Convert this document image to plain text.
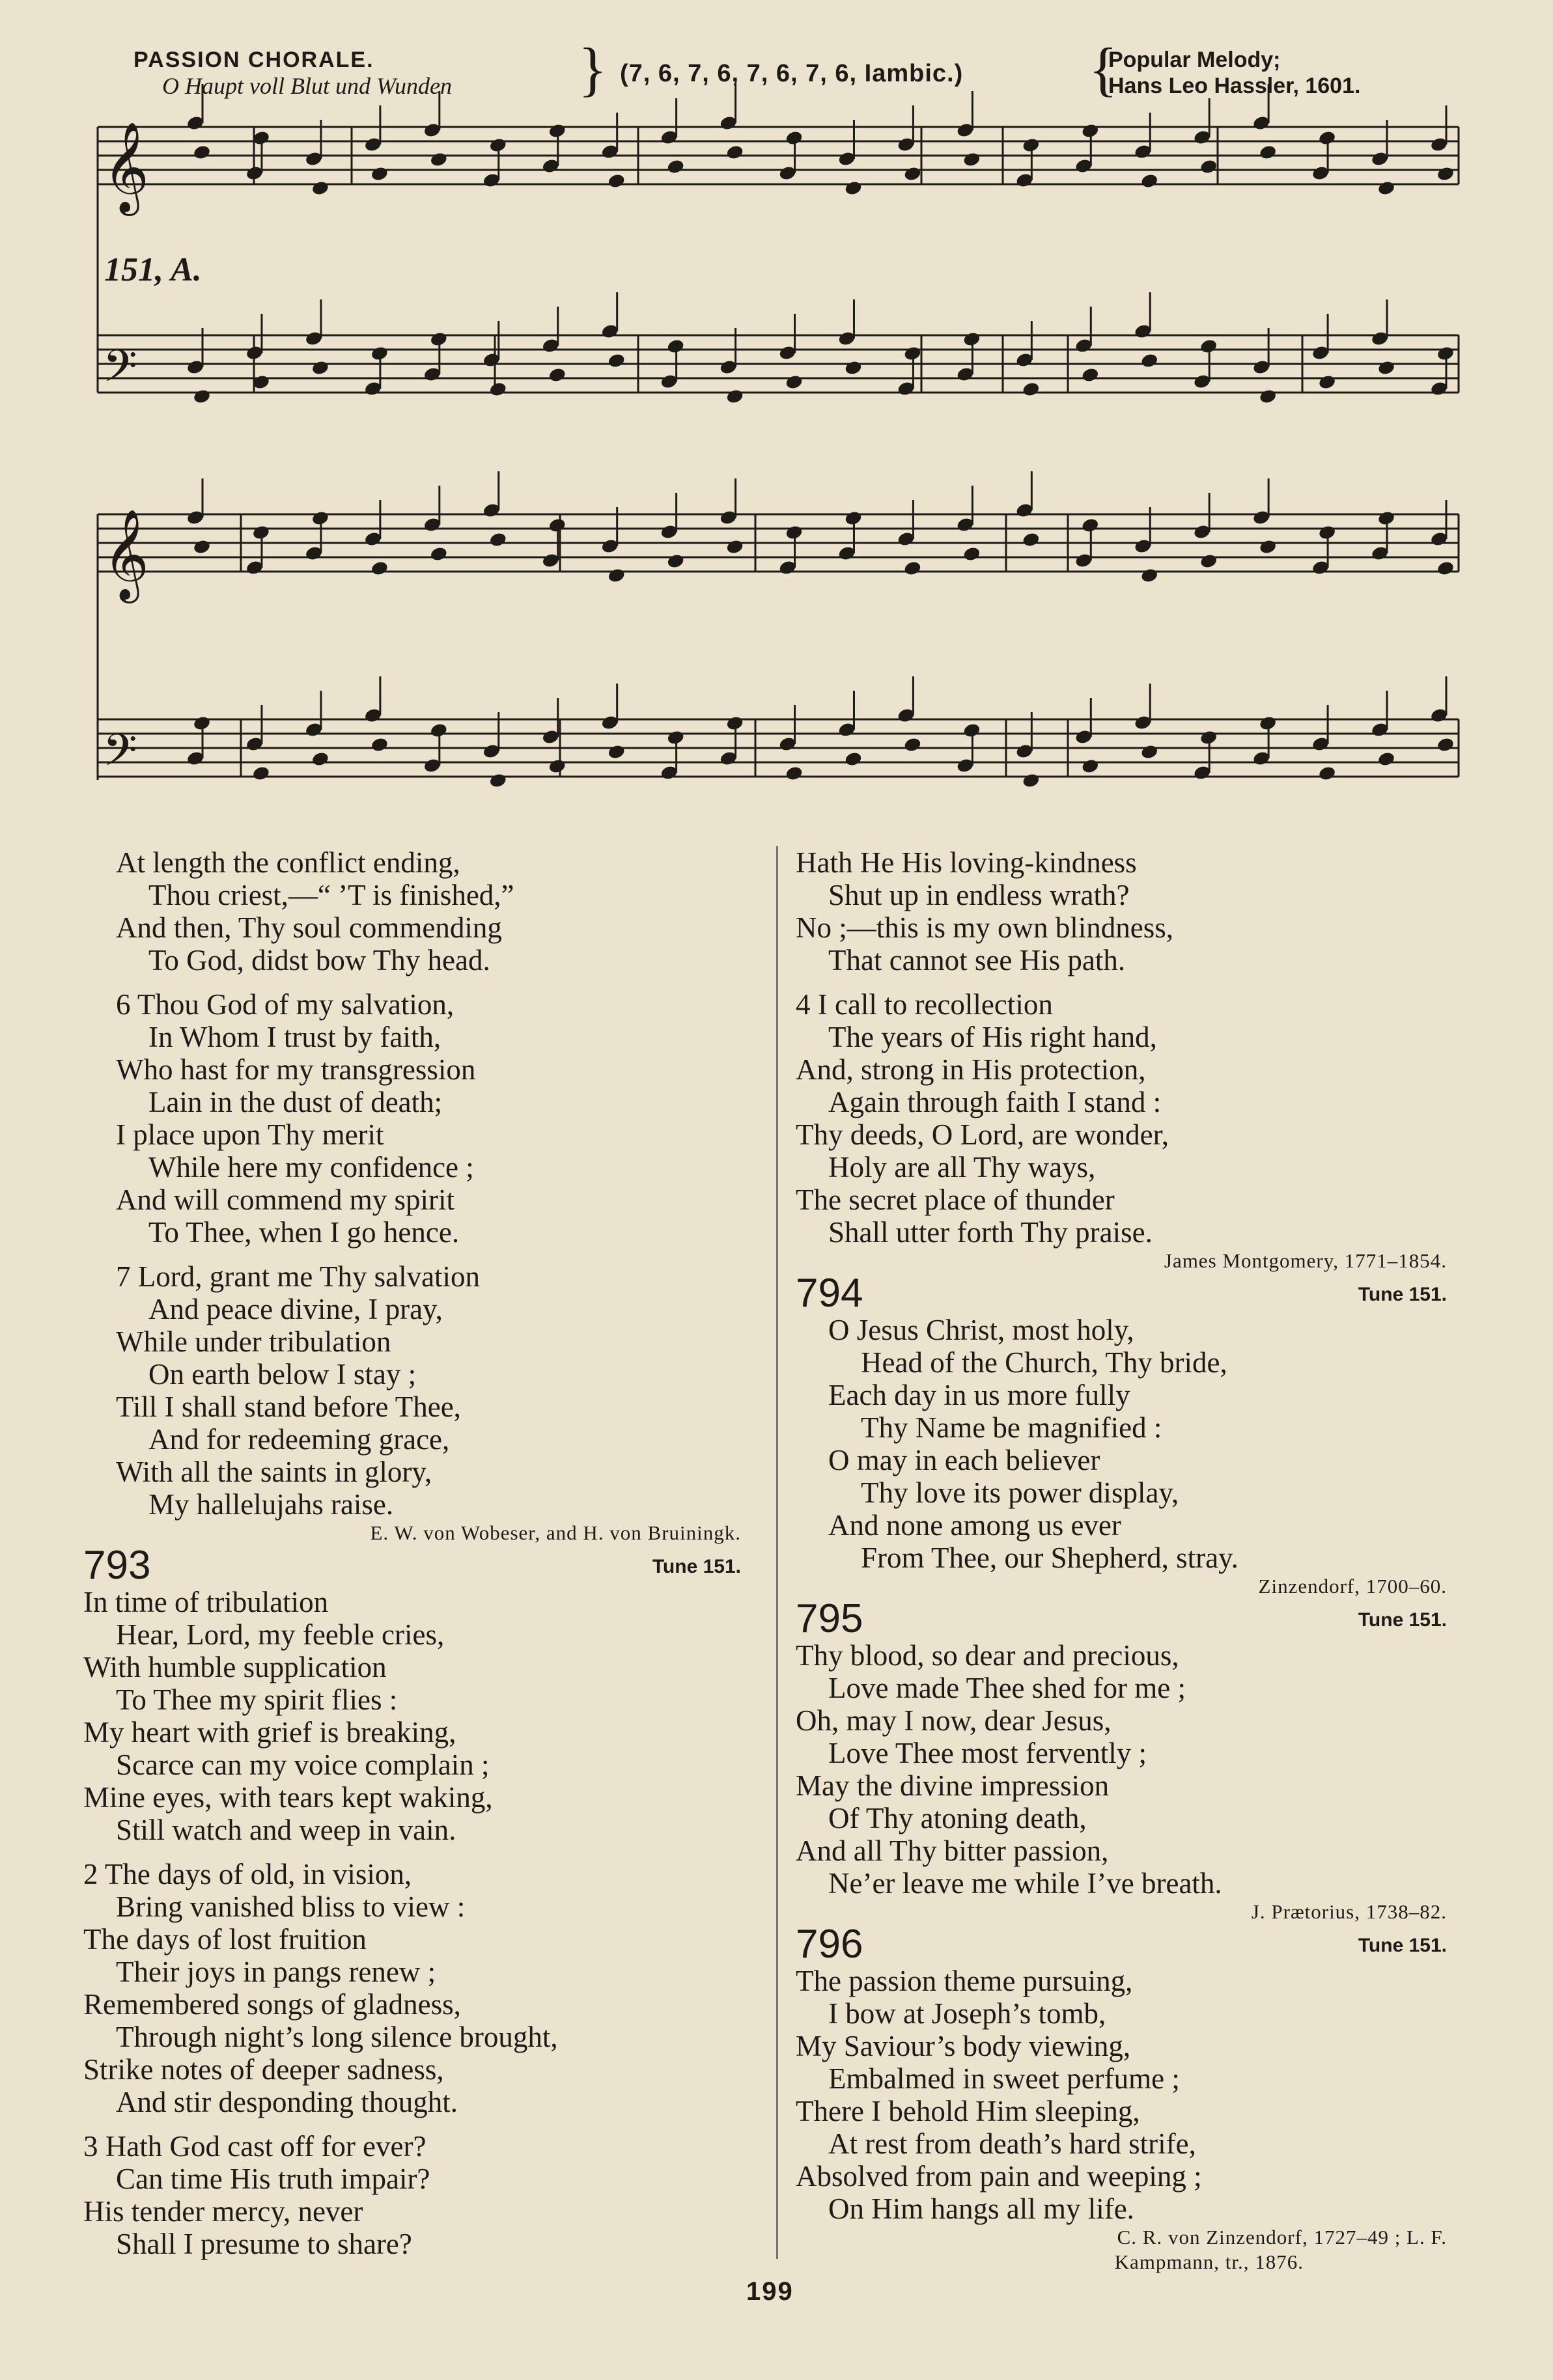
PASSION CHORALE.
O Haupt voll Blut und Wunden } (7, 6, 7, 6, 7, 6, 7, 6, Iambic.) {
Popular Melody;
Hans Leo Hassler, 1601.
151, A.
𝄞
𝄢
𝄞
𝄢
At length the conflict ending,
Thou criest,—“ ’T is finished,”
And then, Thy soul commending
To God, didst bow Thy head.
6 Thou God of my salvation,
In Whom I trust by faith,
Who hast for my transgression
Lain in the dust of death;
I place upon Thy merit
While here my confidence ;
And will commend my spirit
To Thee, when I go hence.
7 Lord, grant me Thy salvation
And peace divine, I pray,
While under tribulation
On earth below I stay ;
Till I shall stand before Thee,
And for redeeming grace,
With all the saints in glory,
My hallelujahs raise.
E. W. von Wobeser, and H. von Bruiningk.
793	Tune 151.
In time of tribulation
Hear, Lord, my feeble cries,
With humble supplication
To Thee my spirit flies :
My heart with grief is breaking,
Scarce can my voice complain ;
Mine eyes, with tears kept waking,
Still watch and weep in vain.
2 The days of old, in vision,
Bring vanished bliss to view :
The days of lost fruition
Their joys in pangs renew ;
Remembered songs of gladness,
Through night’s long silence brought,
Strike notes of deeper sadness,
And stir desponding thought.
3 Hath God cast off for ever?
Can time His truth impair?
His tender mercy, never
Shall I presume to share?
Hath He His loving-kindness
Shut up in endless wrath?
No ;—this is my own blindness,
That cannot see His path.
4 I call to recollection
The years of His right hand,
And, strong in His protection,
Again through faith I stand :
Thy deeds, O Lord, are wonder,
Holy are all Thy ways,
The secret place of thunder
Shall utter forth Thy praise.
James Montgomery, 1771–1854.
794	Tune 151.
O Jesus Christ, most holy,
Head of the Church, Thy bride,
Each day in us more fully
Thy Name be magnified :
O may in each believer
Thy love its power display,
And none among us ever
From Thee, our Shepherd, stray.
Zinzendorf, 1700–60.
795	Tune 151.
Thy blood, so dear and precious,
Love made Thee shed for me ;
Oh, may I now, dear Jesus,
Love Thee most fervently ;
May the divine impression
Of Thy atoning death,
And all Thy bitter passion,
Ne’er leave me while I’ve breath.
J. Prætorius, 1738–82.
796	Tune 151.
The passion theme pursuing,
I bow at Joseph’s tomb,
My Saviour’s body viewing,
Embalmed in sweet perfume ;
There I behold Him sleeping,
At rest from death’s hard strife,
Absolved from pain and weeping ;
On Him hangs all my life.
C. R. von Zinzendorf, 1727–49 ; L. F.
Kampmann, tr., 1876.
199
